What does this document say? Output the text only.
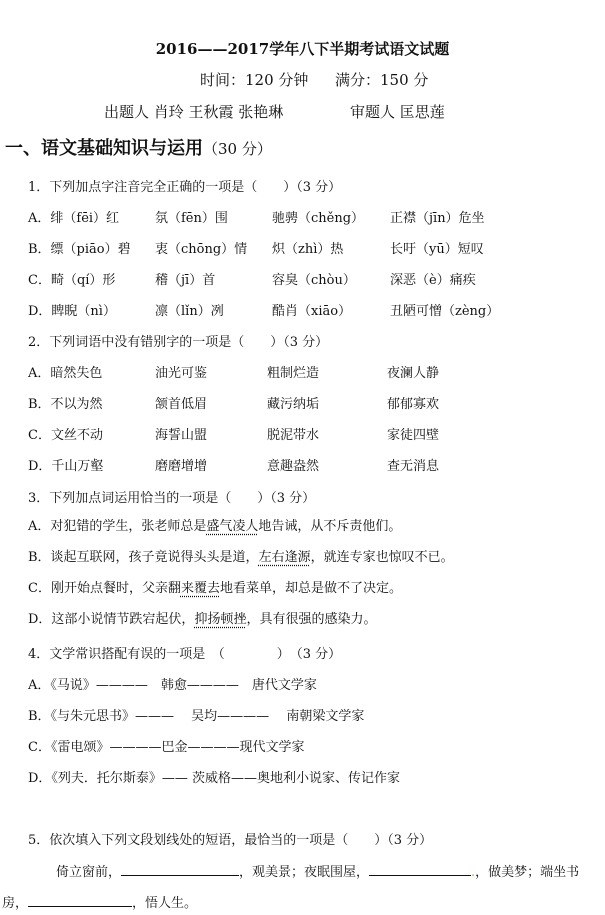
2016——2017学年八下半期考试语文试题
时间：120 分钟 满分：150 分
出题人 肖玲 王秋霞 张艳琳	审题人 匡思莲
一、语文基础知识与运用（30 分）
1．下列加点字注音完全正确的一项是（　　）（3 分）
A．绯（fēi）红	氛（fēn）围	驰骋（chěng） 正襟（jīn）危坐
B．缥（piāo）碧 衷（chōng）情 炽（zhì）热	长吁（yū）短叹
C．畸（qí）形	稽（jī）首	容臭（chòu）	深恶（è）痛疾
D．睥睨（nì）	凛（lǐn）冽	酷肖（xiāo）	丑陋可憎（zèng）
2．下列词语中没有错别字的一项是（　　）（3 分）
A．暗然失色	油光可鉴	粗制烂造	夜澜人静
B．不以为然	颔首低眉	藏污纳垢	郁郁寡欢
C．文丝不动	海誓山盟	脱泥带水	家徒四壁
D．千山万壑	磨磨增增	意趣盎然	查无消息
3．下列加点词运用恰当的一项是（　　）（3 分）
A．对犯错的学生，张老师总是盛气凌人地告诫，从不斥责他们。
B．谈起互联网，孩子竟说得头头是道，左右逢源，就连专家也惊叹不已。
C．刚开始点餐时，父亲翻来覆去地看菜单，却总是做不了决定。
D．这部小说情节跌宕起伏，抑扬顿挫，具有很强的感染力。
4．文学常识搭配有误的一项是　（　　　　）　（3 分）
A．《马说》————　韩愈————　唐代文学家
B．《与朱元思书》———　 吴均————　 南朝梁文学家
C．《雷电颂》————巴金————现代文学家
D．《列夫．托尔斯泰》—— 茨威格——奥地利小说家、传记作家
5．依次填入下列文段划线处的短语，最恰当的一项是（　　）（3 分）
倚立窗前，	，观美景；夜眠围屋，	.，做美梦；端坐书
房，	，悟人生。
